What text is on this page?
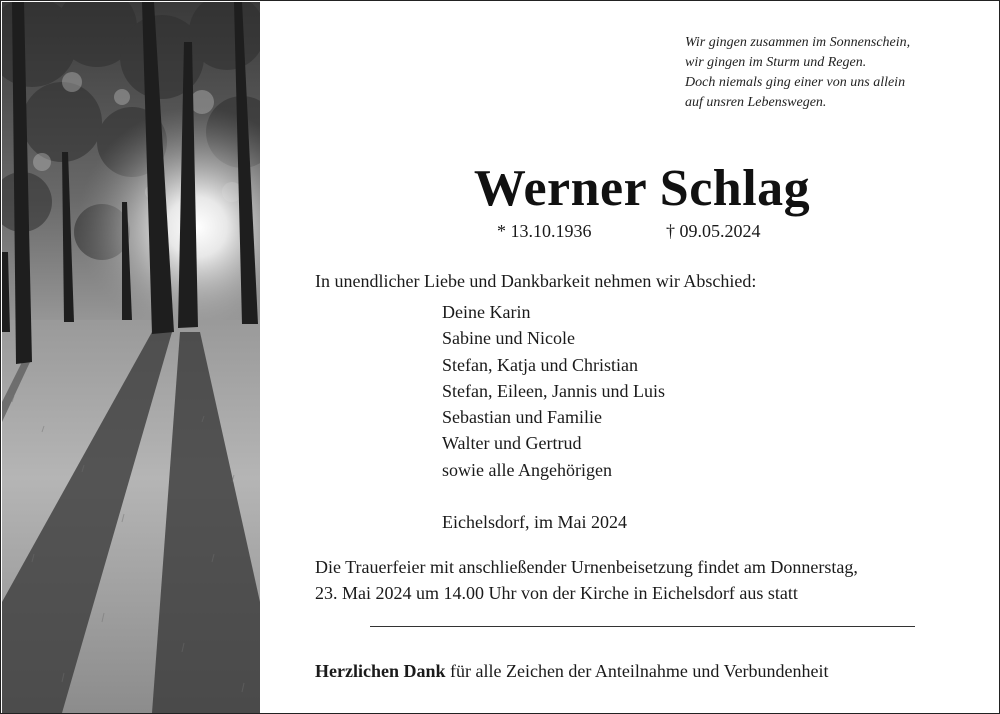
Wir gingen zusammen im Sonnenschein,
wir gingen im Sturm und Regen.
Doch niemals ging einer von uns allein
auf unsren Lebenswegen.
Werner Schlag
* 13.10.1936	† 09.05.2024
In unendlicher Liebe und Dankbarkeit nehmen wir Abschied:
Deine Karin
Sabine und Nicole
Stefan, Katja und Christian
Stefan, Eileen, Jannis und Luis
Sebastian und Familie
Walter und Gertrud
sowie alle Angehörigen
Eichelsdorf, im Mai 2024
Die Trauerfeier mit anschließender Urnenbeisetzung findet am Donnerstag,
23. Mai 2024 um 14.00 Uhr von der Kirche in Eichelsdorf aus statt
Herzlichen Dank für alle Zeichen der Anteilnahme und Verbundenheit
